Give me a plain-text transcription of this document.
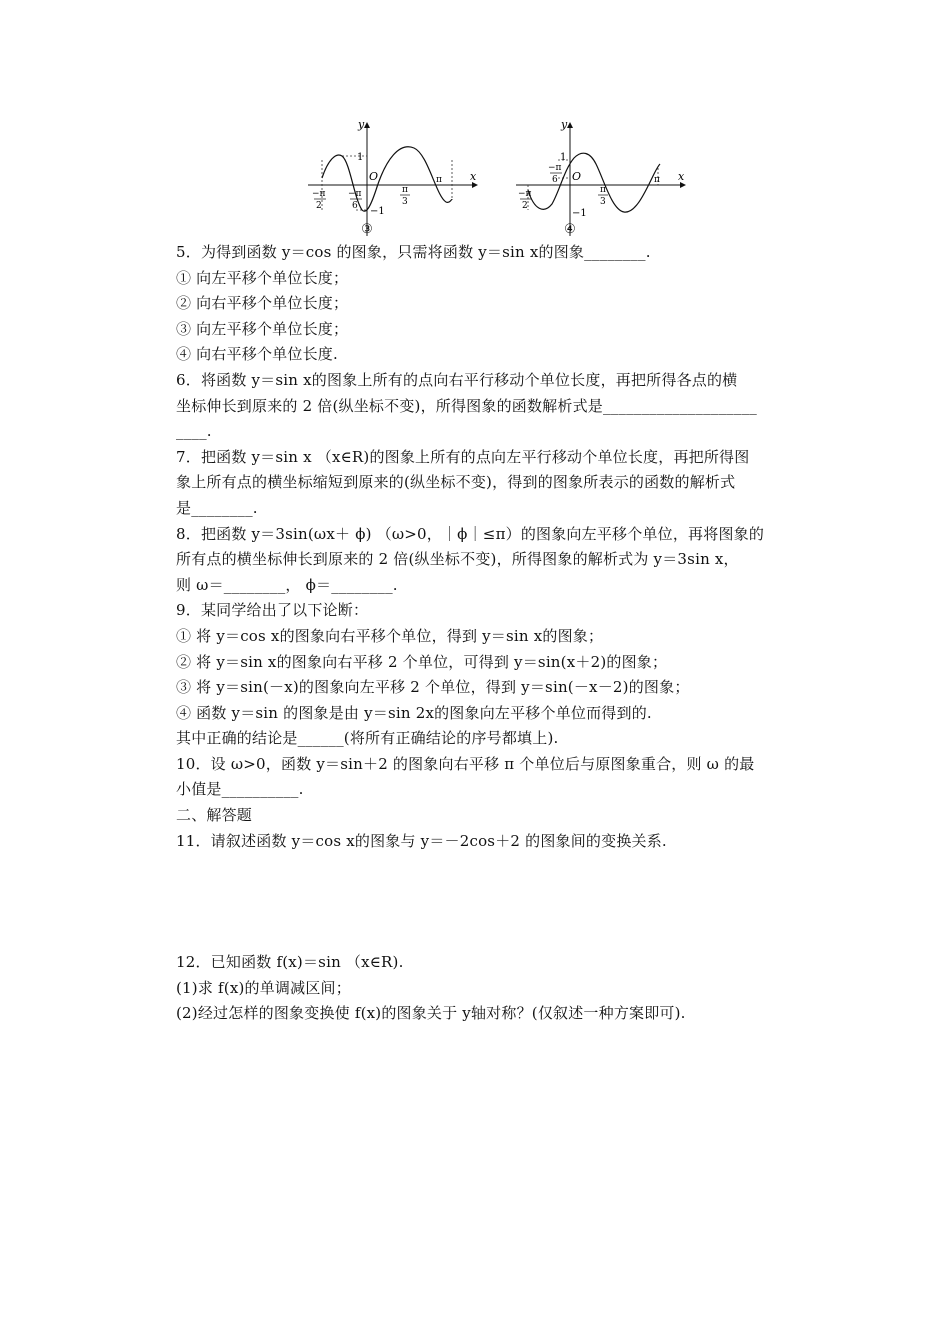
y
x
O
1
−1
−π
2
−π
6
π
3
π
③
y
x
O
1
−1
−π
2
−π
6
π
3
π
④
5．为得到函数 y＝cos 的图象，只需将函数 y＝sin x的图象________.
① 向左平移个单位长度；
② 向右平移个单位长度；
③ 向左平移个单位长度；
④ 向右平移个单位长度.
6．将函数 y＝sin x的图象上所有的点向右平行移动个单位长度，再把所得各点的横
坐标伸长到原来的 2 倍(纵坐标不变)，所得图象的函数解析式是____________________
____.
7．把函数 y＝sin x （x∈R)的图象上所有的点向左平行移动个单位长度，再把所得图
象上所有点的横坐标缩短到原来的(纵坐标不变)，得到的图象所表示的函数的解析式
是________.
8．把函数 y＝3sin(ωx＋ ϕ) （ω>0，｜ϕ｜≤π）的图象向左平移个单位，再将图象的
所有点的横坐标伸长到原来的 2 倍(纵坐标不变)，所得图象的解析式为 y＝3sin x，
则 ω＝________， ϕ＝________.
9．某同学给出了以下论断：
① 将 y＝cos x的图象向右平移个单位，得到 y＝sin x的图象；
② 将 y＝sin x的图象向右平移 2 个单位，可得到 y＝sin(x＋2)的图象；
③ 将 y＝sin(－x)的图象向左平移 2 个单位，得到 y＝sin(－x－2)的图象；
④ 函数 y＝sin 的图象是由 y＝sin 2x的图象向左平移个单位而得到的.
其中正确的结论是______(将所有正确结论的序号都填上).
10．设 ω>0，函数 y＝sin＋2 的图象向右平移 π 个单位后与原图象重合，则 ω 的最
小值是__________.
二、解答题
11．请叙述函数 y＝cos x的图象与 y＝－2cos＋2 的图象间的变换关系.
12．已知函数 f(x)＝sin （x∈R).
(1)求 f(x)的单调减区间；
(2)经过怎样的图象变换使 f(x)的图象关于 y轴对称？(仅叙述一种方案即可).
